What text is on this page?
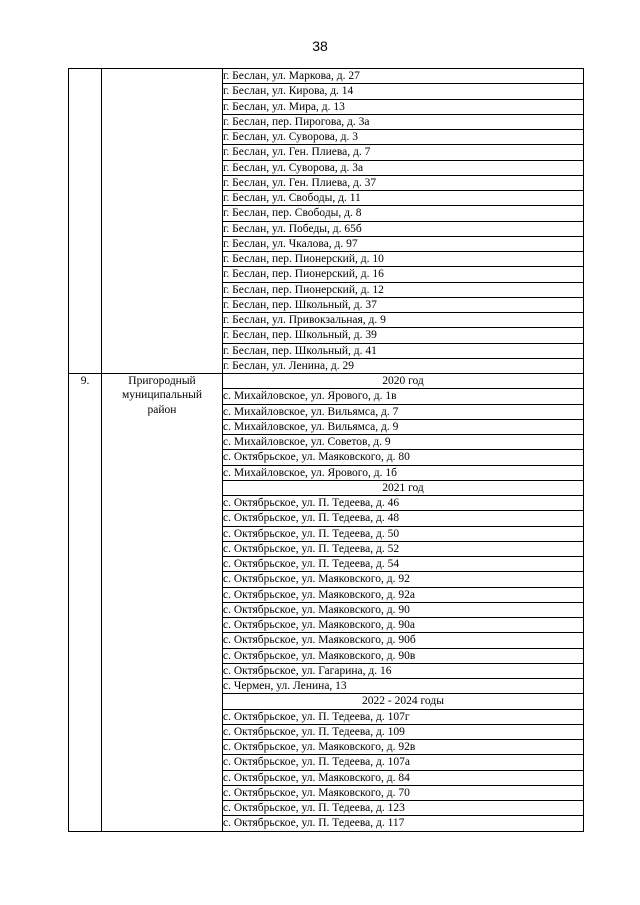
38
		г. Беслан, ул. Маркова, д. 27
		г. Беслан, ул. Кирова, д. 14
		г. Беслан, ул. Мира, д. 13
		г. Беслан, пер. Пирогова, д. 3а
		г. Беслан, ул. Суворова, д. 3
		г. Беслан, ул. Ген. Плиева, д. 7
		г. Беслан, ул. Суворова, д. 3а
		г. Беслан, ул. Ген. Плиева, д. 37
		г. Беслан, ул. Свободы, д. 11
		г. Беслан, пер. Свободы, д. 8
		г. Беслан, ул. Победы, д. 65б
		г. Беслан, ул. Чкалова, д. 97
		г. Беслан, пер. Пионерский, д. 10
		г. Беслан, пер. Пионерский, д. 16
		г. Беслан, пер. Пионерский, д. 12
		г. Беслан, пер. Школьный, д. 37
		г. Беслан, ул. Привокзальная, д. 9
		г. Беслан, пер. Школьный, д. 39
		г. Беслан, пер. Школьный, д. 41
		г. Беслан, ул. Ленина, д. 29
9.	Пригородный
муниципальный
район	2020 год
		с. Михайловское, ул. Ярового, д. 1в
		с. Михайловское, ул. Вильямса, д. 7
		с. Михайловское, ул. Вильямса, д. 9
		с. Михайловское, ул. Советов, д. 9
		с. Октябрьское, ул. Маяковского, д. 80
		с. Михайловское, ул. Ярового, д. 1б
		2021 год
		с. Октябрьское, ул. П. Тедеева, д. 46
		с. Октябрьское, ул. П. Тедеева, д. 48
		с. Октябрьское, ул. П. Тедеева, д. 50
		с. Октябрьское, ул. П. Тедеева, д. 52
		с. Октябрьское, ул. П. Тедеева, д. 54
		с. Октябрьское, ул. Маяковского, д. 92
		с. Октябрьское, ул. Маяковского, д. 92а
		с. Октябрьское, ул. Маяковского, д. 90
		с. Октябрьское, ул. Маяковского, д. 90а
		с. Октябрьское, ул. Маяковского, д. 90б
		с. Октябрьское, ул. Маяковского, д. 90в
		с. Октябрьское, ул. Гагарина, д. 16
		с. Чермен, ул. Ленина, 13
		2022 - 2024 годы
		с. Октябрьское, ул. П. Тедеева, д. 107г
		с. Октябрьское, ул. П. Тедеева, д. 109
		с. Октябрьское, ул. Маяковского, д. 92в
		с. Октябрьское, ул. П. Тедеева, д. 107а
		с. Октябрьское, ул. Маяковского, д. 84
		с. Октябрьское, ул. Маяковского, д. 70
		с. Октябрьское, ул. П. Тедеева, д. 123
		с. Октябрьское, ул. П. Тедеева, д. 117
